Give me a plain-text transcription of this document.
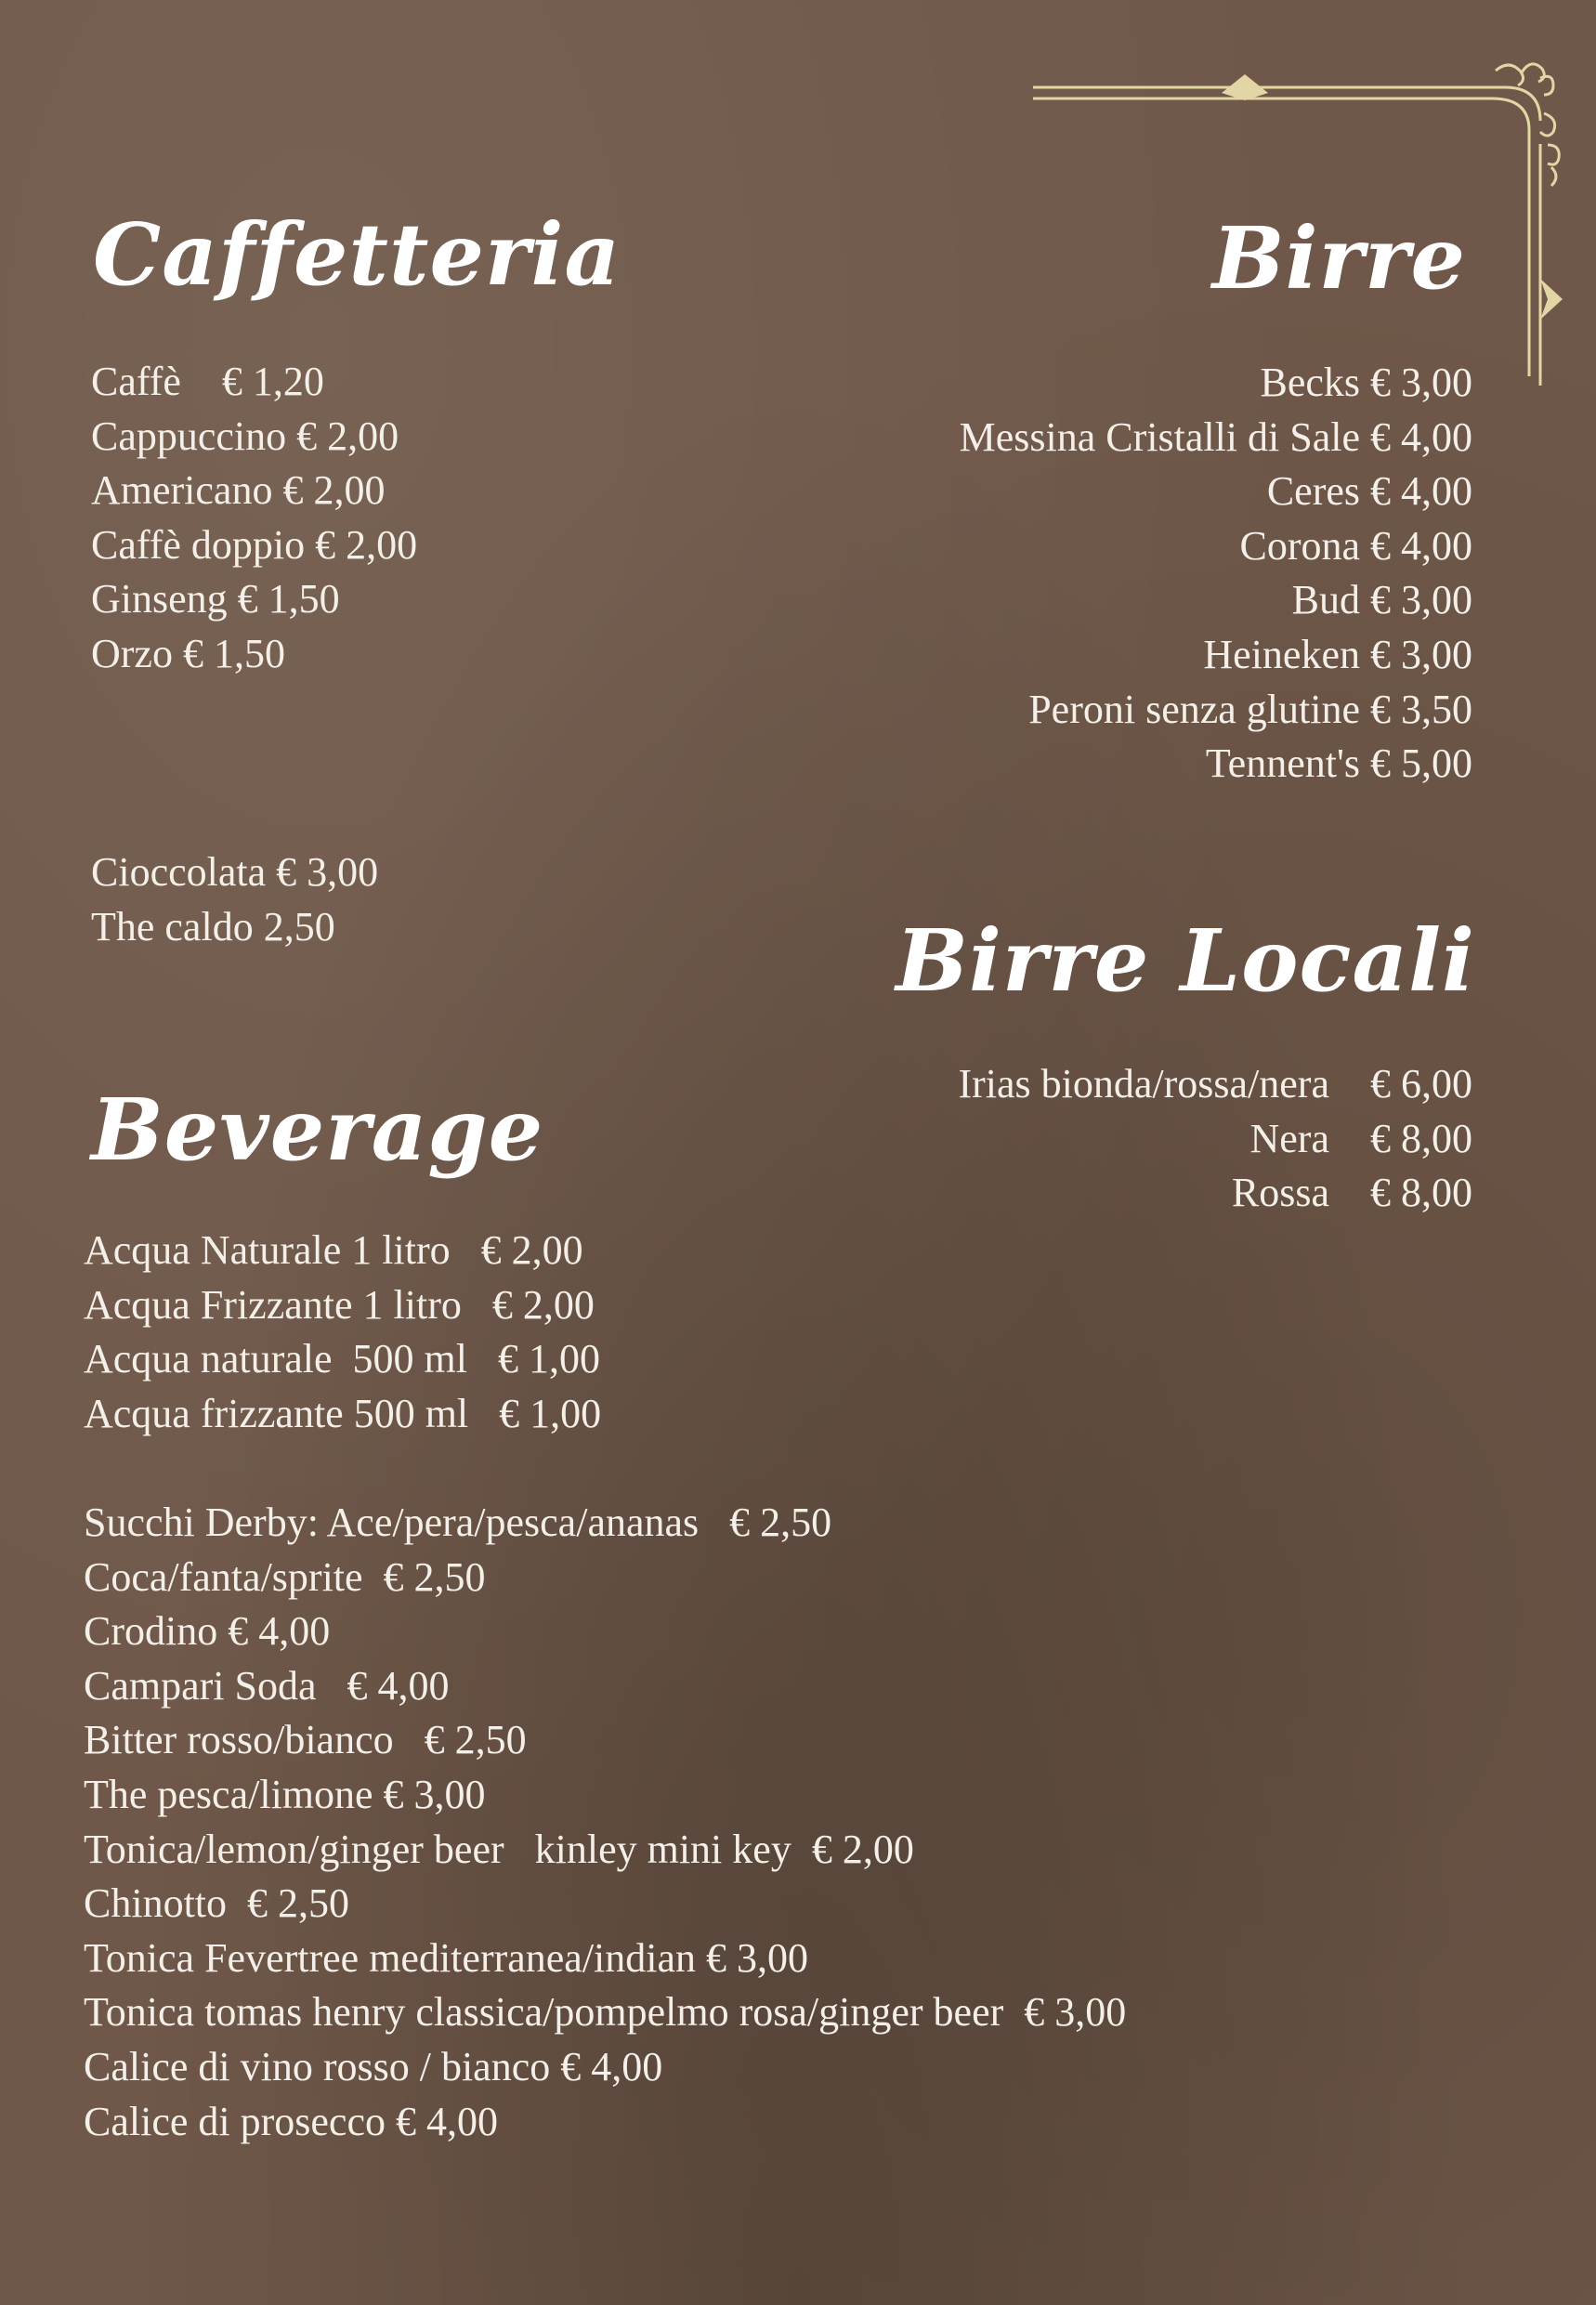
Caffetteria
Caffè    € 1,20
Cappuccino € 2,00
Americano € 2,00
Caffè doppio € 2,00
Ginseng € 1,50
Orzo € 1,50
Cioccolata € 3,00
The caldo 2,50
Birre
Becks € 3,00
Messina Cristalli di Sale € 4,00
Ceres € 4,00
Corona € 4,00
Bud € 3,00
Heineken € 3,00
Peroni senza glutine € 3,50
Tennent's € 5,00
Birre Locali
Irias bionda/rossa/nera    € 6,00
Nera    € 8,00
Rossa    € 8,00
Beverage
Acqua Naturale 1 litro   € 2,00
Acqua Frizzante 1 litro   € 2,00
Acqua naturale  500 ml   € 1,00
Acqua frizzante 500 ml   € 1,00
Succhi Derby: Ace/pera/pesca/ananas   € 2,50
Coca/fanta/sprite  € 2,50
Crodino € 4,00
Campari Soda   € 4,00
Bitter rosso/bianco   € 2,50
The pesca/limone € 3,00
Tonica/lemon/ginger beer   kinley mini key  € 2,00
Chinotto  € 2,50
Tonica Fevertree mediterranea/indian € 3,00
Tonica tomas henry classica/pompelmo rosa/ginger beer  € 3,00
Calice di vino rosso / bianco € 4,00
Calice di prosecco € 4,00
